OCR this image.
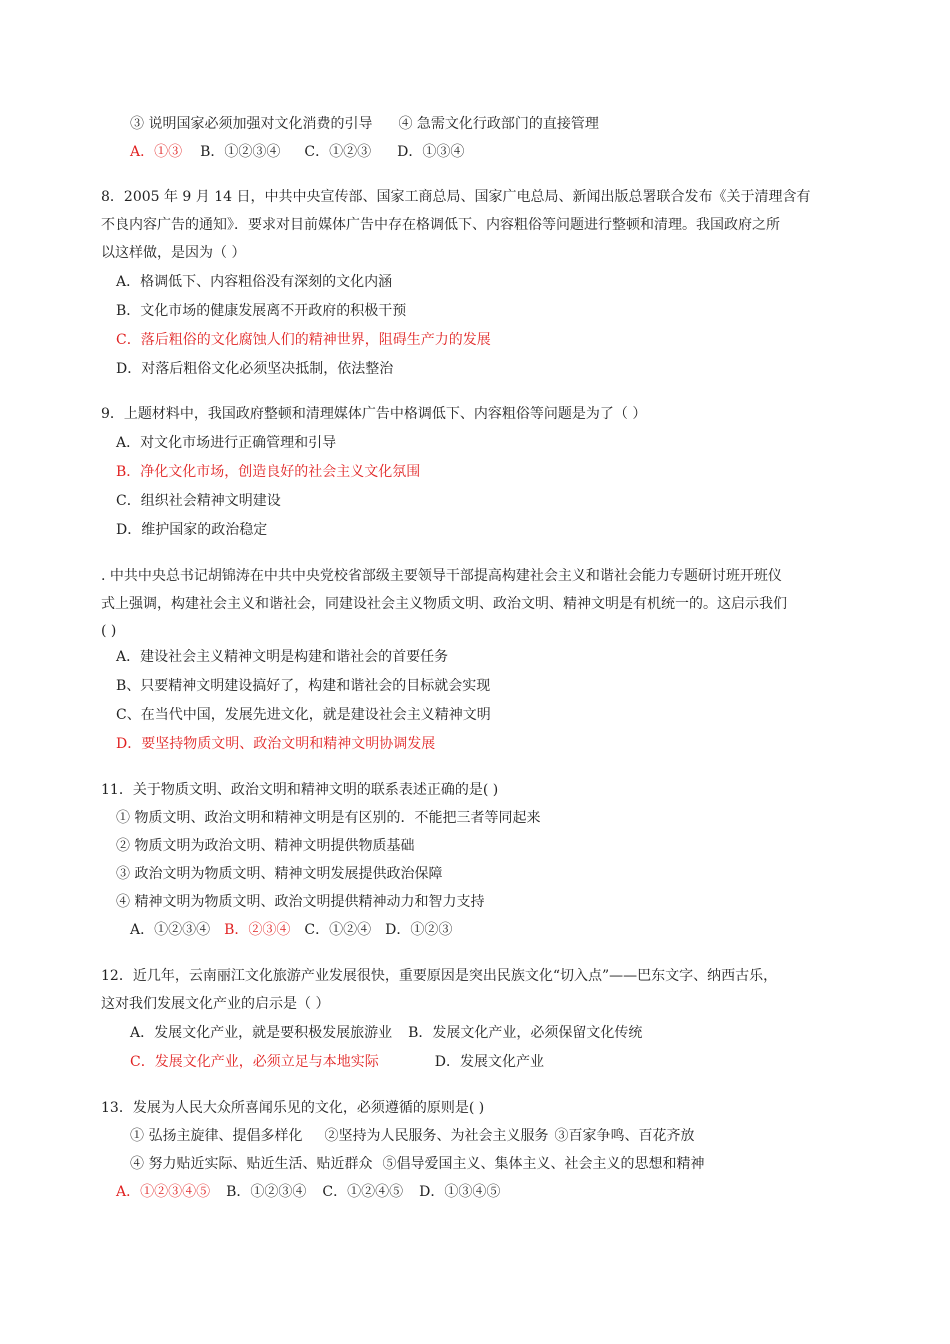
③ 说明国家必须加强对文化消费的引导 ④ 急需文化行政部门的直接管理
A．①③ B．①②③④ C．①②③ D．①③④
8．2005 年 9 月 14 日，中共中央宣传部、国家工商总局、国家广电总局、新闻出版总署联合发布《关于清理含有
不良内容广告的通知》．要求对目前媒体广告中存在格调低下、内容粗俗等问题进行整顿和清理。我国政府之所
以这样做，是因为（ ）
A．格调低下、内容粗俗没有深刻的文化内涵
B．文化市场的健康发展离不开政府的积极干预
C．落后粗俗的文化腐蚀人们的精神世界，阻碍生产力的发展
D．对落后粗俗文化必须坚决抵制，依法整治
9．上题材料中，我国政府整顿和清理媒体广告中格调低下、内容粗俗等问题是为了（ ）
A．对文化市场进行正确管理和引导
B．净化文化市场，创造良好的社会主义文化氛围
C．组织社会精神文明建设
D．维护国家的政治稳定
. 中共中央总书记胡锦涛在中共中央党校省部级主要领导干部提高构建社会主义和谐社会能力专题研讨班开班仪
式上强调，构建社会主义和谐社会，同建设社会主义物质文明、政治文明、精神文明是有机统一的。这启示我们
( )
A．建设社会主义精神文明是构建和谐社会的首要任务
B、只要精神文明建设搞好了，构建和谐社会的目标就会实现
C、在当代中国，发展先进文化，就是建设社会主义精神文明
D．要坚持物质文明、政治文明和精神文明协调发展
11．关于物质文明、政治文明和精神文明的联系表述正确的是( )
① 物质文明、政治文明和精神文明是有区别的．不能把三者等同起来
② 物质文明为政治文明、精神文明提供物质基础
③ 政治文明为物质文明、精神文明发展提供政治保障
④ 精神文明为物质文明、政治文明提供精神动力和智力支持
A．①②③④ B．②③④ C．①②④ D．①②③
12．近几年，云南丽江文化旅游产业发展很快，重要原因是突出民族文化“切入点”——巴东文字、纳西古乐，
这对我们发展文化产业的启示是（ ）
A．发展文化产业，就是要积极发展旅游业 B．发展文化产业，必须保留文化传统
C．发展文化产业，必须立足与本地实际	D．发展文化产业
13．发展为人民大众所喜闻乐见的文化，必须遵循的原则是( )
① 弘扬主旋律、提倡多样化 ②坚持为人民服务、为社会主义服务 ③百家争鸣、百花齐放
④ 努力贴近实际、贴近生活、贴近群众 ⑤倡导爱国主义、集体主义、社会主义的思想和精神
A．①②③④⑤ B．①②③④ C．①②④⑤ D．①③④⑤
